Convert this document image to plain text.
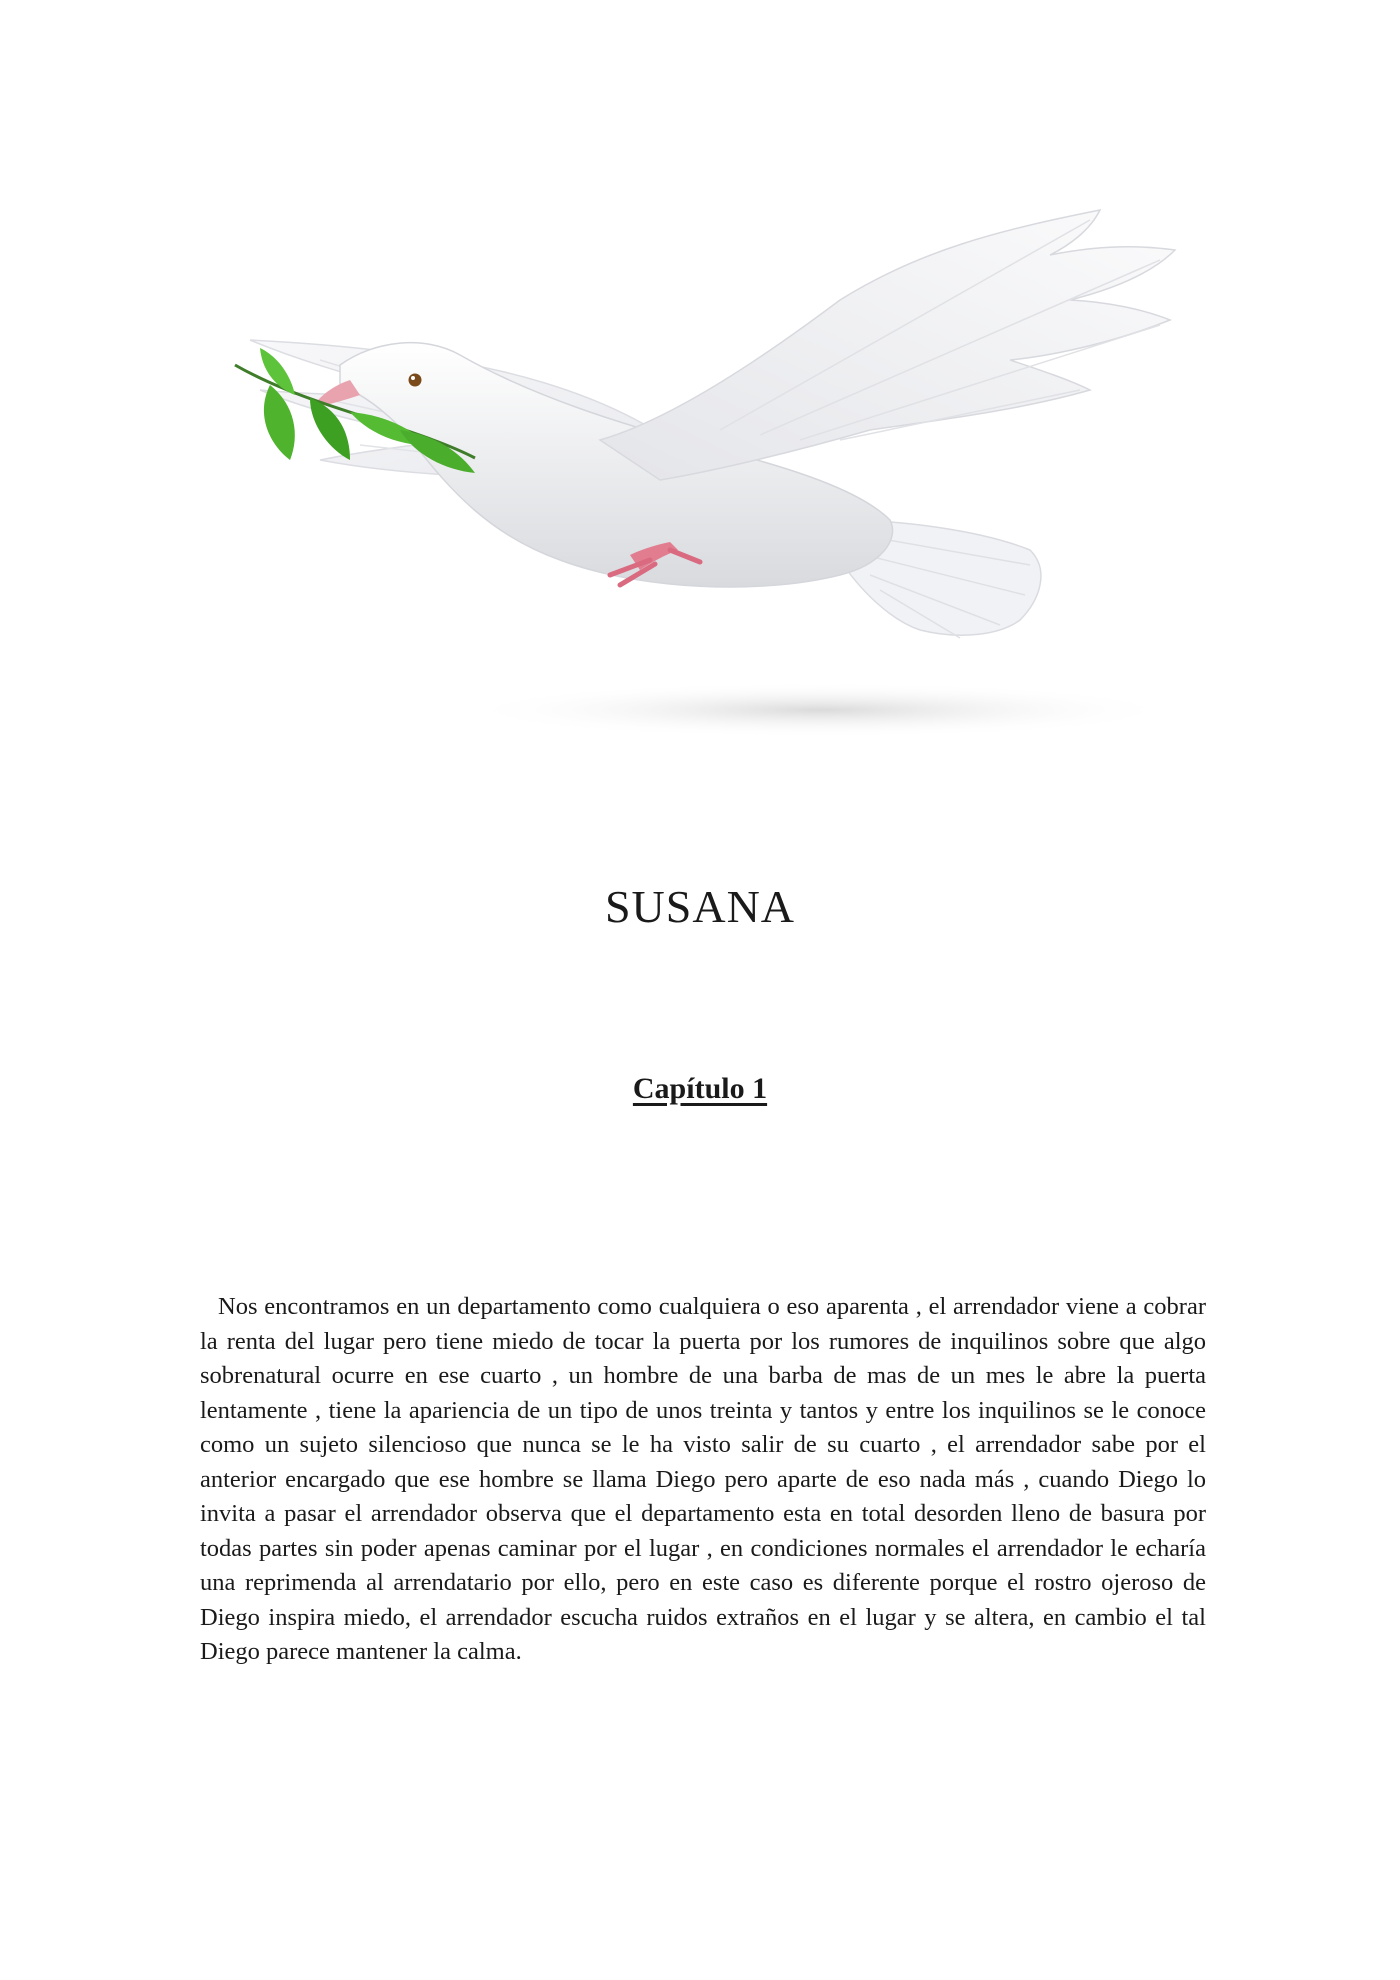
SUSANA
Capítulo 1

Nos encontramos en un departamento como cualquiera o eso aparenta , el arrendador viene a cobrar la renta del lugar pero tiene miedo de tocar la puerta por los rumores de inquilinos sobre que algo sobrenatural ocurre en ese cuarto , un hombre de una barba de mas de un mes le abre la puerta lentamente , tiene la apariencia de un tipo de unos treinta y tantos y entre los inquilinos se le conoce como un sujeto silencioso que nunca se le ha visto salir de su cuarto , el arrendador sabe por el anterior encargado que ese hombre se llama Diego pero aparte de eso nada más , cuando Diego lo invita a pasar el arrendador observa que el departamento esta en total desorden lleno de basura por todas partes sin poder apenas caminar por el lugar , en condiciones normales el arrendador le echaría una reprimenda al arrendatario por ello, pero en este caso es diferente porque el rostro ojeroso de Diego inspira miedo, el arrendador escucha ruidos extraños en el lugar y se altera, en cambio el tal Diego parece mantener la calma.
